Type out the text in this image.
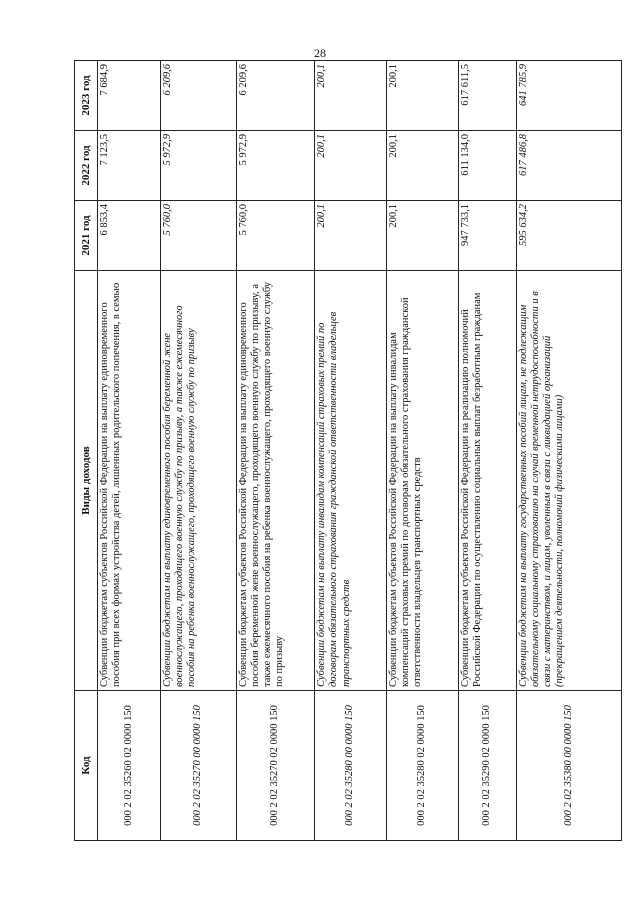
28
Код	Виды доходов	2021 год	2022 год	2023 год
000 2 02 35260 02 0000 150	Субвенции бюджетам субъектов Российской Федерации на выплату единовременного пособия при всех формах устройства детей, лишенных родительского попечения, в семью	6 853,4	7 123,5	7 684,9
000 2 02 35270 00 0000 150	Субвенции бюджетам на выплату единовременного пособия беременной жене военнослужащего, проходящего военную службу по призыву, а также ежемесячного пособия на ребенка военнослужащего, проходящего военную службу по призыву	5 760,0	5 972,9	6 209,6
000 2 02 35270 02 0000 150	Субвенции бюджетам субъектов Российской Федерации на выплату единовременного пособия беременной жене военнослужащего, проходящего военную службу по призыву, а также ежемесячного пособия на ребенка военнослужащего, проходящего военную службу по призыву	5 760,0	5 972,9	6 209,6
000 2 02 35280 00 0000 150	Субвенции бюджетам на выплату инвалидам компенсаций страховых премий по договорам обязательного страхования гражданской ответственности владельцев транспортных средств	200,1	200,1	200,1
000 2 02 35280 02 0000 150	Субвенции бюджетам субъектов Российской Федерации на выплату инвалидам компенсаций страховых премий по договорам обязательного страхования гражданской ответственности владельцев транспортных средств	200,1	200,1	200,1
000 2 02 35290 02 0000 150	Субвенции бюджетам субъектов Российской Федерации на реализацию полномочий Российской Федерации по осуществлению социальных выплат безработным гражданам	947 733,1	611 134,0	617 611,5
000 2 02 35380 00 0000 150	Субвенции бюджетам на выплату государственных пособий лицам, не подлежащим обязательному социальному страхованию на случай временной нетрудоспособности и в связи с материнством, и лицам, уволенным в связи с ликвидацией организаций (прекращением деятельности, полномочий физическими лицами)	595 634,2	617 486,8	641 785,9
